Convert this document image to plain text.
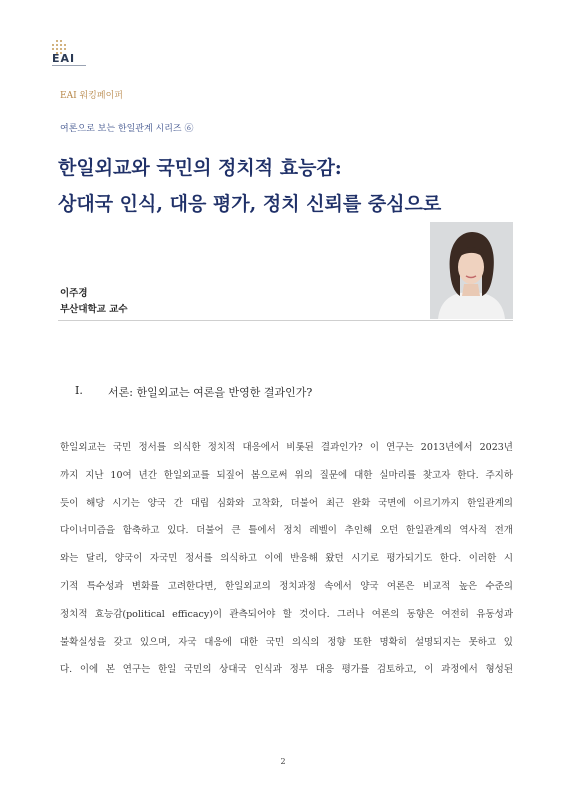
EAI
EAI 워킹페이퍼
여론으로 보는 한일관계 시리즈 ⑥
한일외교와 국민의 정치적 효능감:
상대국 인식, 대응 평가, 정치 신뢰를 중심으로
이주경
부산대학교 교수
I. 서론: 한일외교는 여론을 반영한 결과인가?

한일외교는 국민 정서를 의식한 정치적 대응에서 비롯된 결과인가? 이 연구는 2013년에서 2023년
까지 지난 10여 년간 한일외교를 되짚어 봄으로써 위의 질문에 대한 실마리를 찾고자 한다. 주지하
듯이 해당 시기는 양국 간 대립 심화와 고착화, 더불어 최근 완화 국면에 이르기까지 한일관계의
다이너미즘을 함축하고 있다. 더불어 큰 틀에서 정치 레벨이 추인해 오던 한일관계의 역사적 전개
와는 달리, 양국이 자국민 정서를 의식하고 이에 반응해 왔던 시기로 평가되기도 한다. 이러한 시
기적 특수성과 변화를 고려한다면, 한일외교의 정치과정 속에서 양국 여론은 비교적 높은 수준의
정치적 효능감(political efficacy)이 관측되어야 할 것이다. 그러나 여론의 동향은 여전히 유동성과
불확실성을 갖고 있으며, 자국 대응에 대한 국민 의식의 정향 또한 명확히 설명되지는 못하고 있
다. 이에 본 연구는 한일 국민의 상대국 인식과 정부 대응 평가를 검토하고, 이 과정에서 형성된

2
